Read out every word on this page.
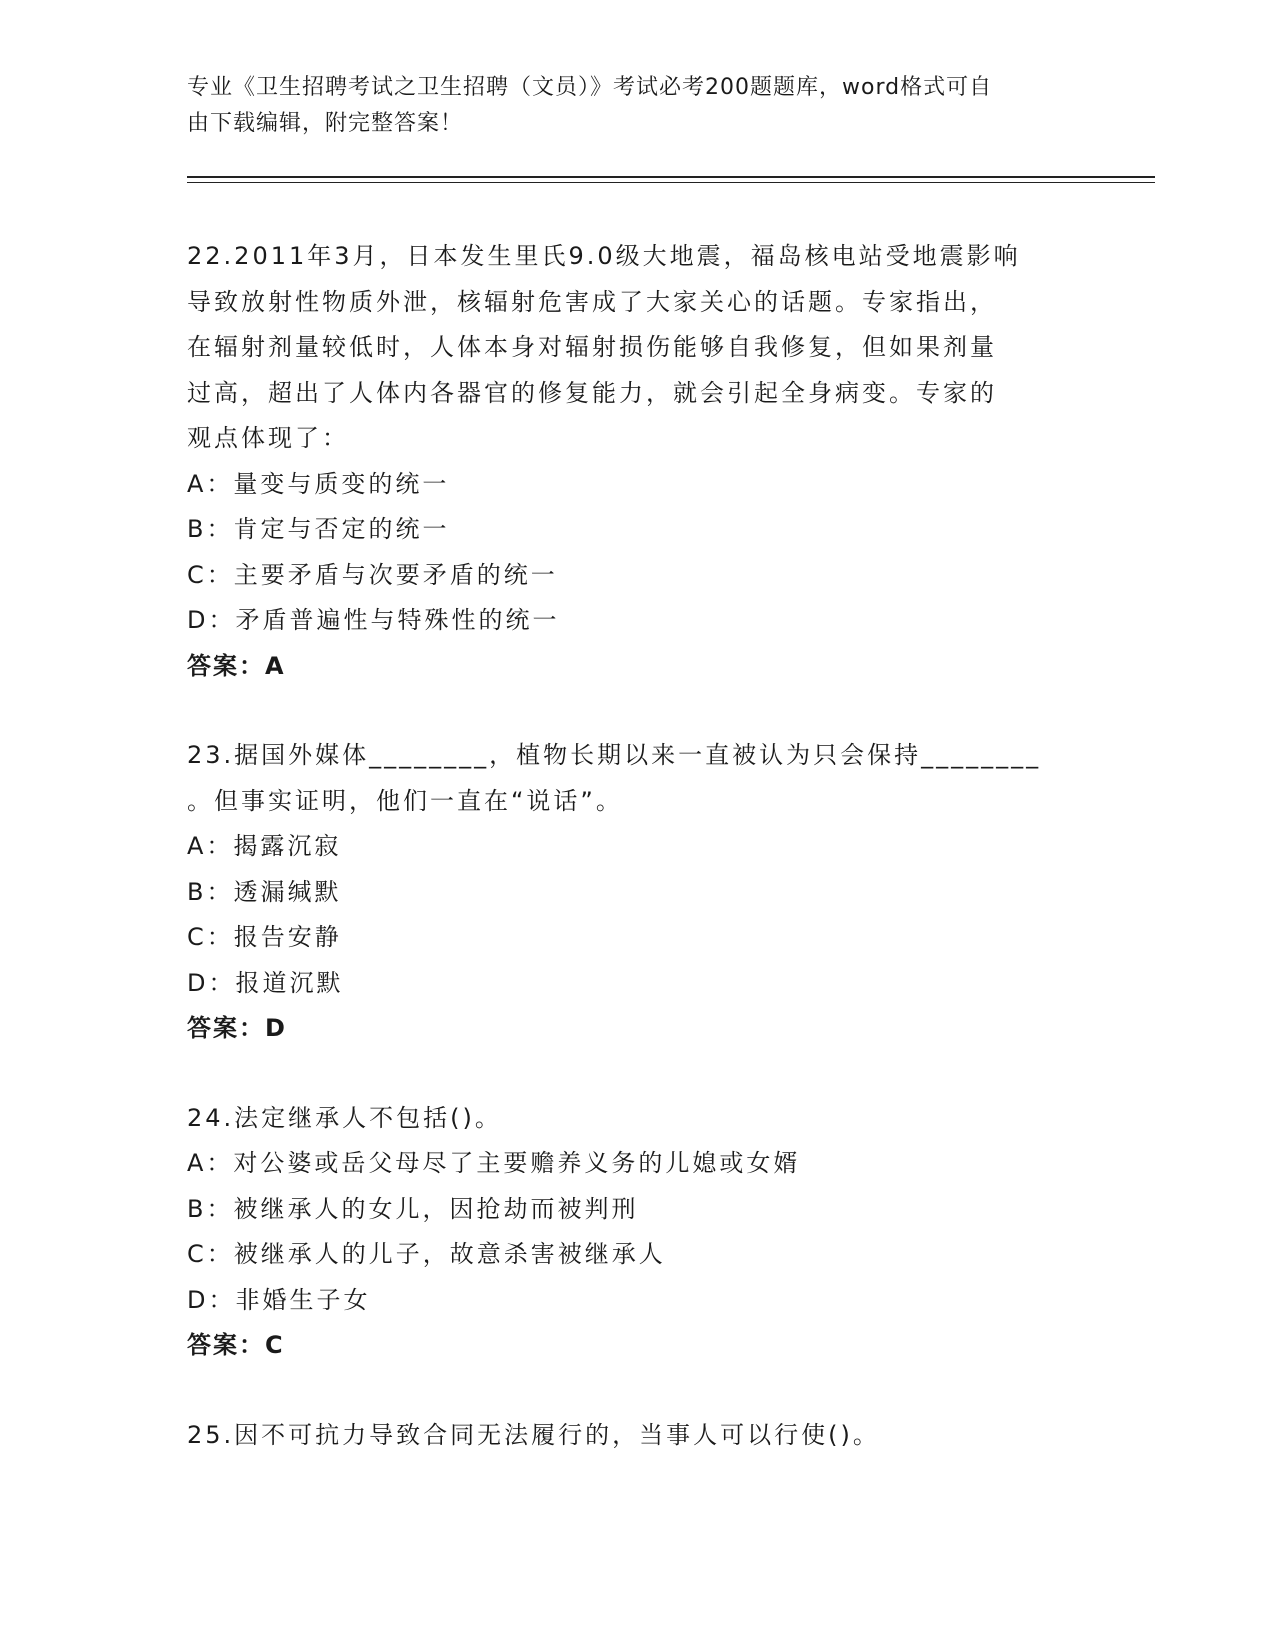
专业《卫生招聘考试之卫生招聘（文员）》考试必考200题题库，word格式可自
由下载编辑，附完整答案！
22.2011年3月，日本发生里氏9.0级大地震，福岛核电站受地震影响
导致放射性物质外泄，核辐射危害成了大家关心的话题。专家指出，
在辐射剂量较低时，人体本身对辐射损伤能够自我修复，但如果剂量
过高，超出了人体内各器官的修复能力，就会引起全身病变。专家的
观点体现了：
A：量变与质变的统一
B：肯定与否定的统一
C：主要矛盾与次要矛盾的统一
D：矛盾普遍性与特殊性的统一
答案：A
23.据国外媒体________，植物长期以来一直被认为只会保持________
。但事实证明，他们一直在“说话”。
A：揭露沉寂
B：透漏缄默
C：报告安静
D：报道沉默
答案：D
24.法定继承人不包括()。
A：对公婆或岳父母尽了主要赡养义务的儿媳或女婿
B：被继承人的女儿，因抢劫而被判刑
C：被继承人的儿子，故意杀害被继承人
D：非婚生子女
答案：C
25.因不可抗力导致合同无法履行的，当事人可以行使()。
